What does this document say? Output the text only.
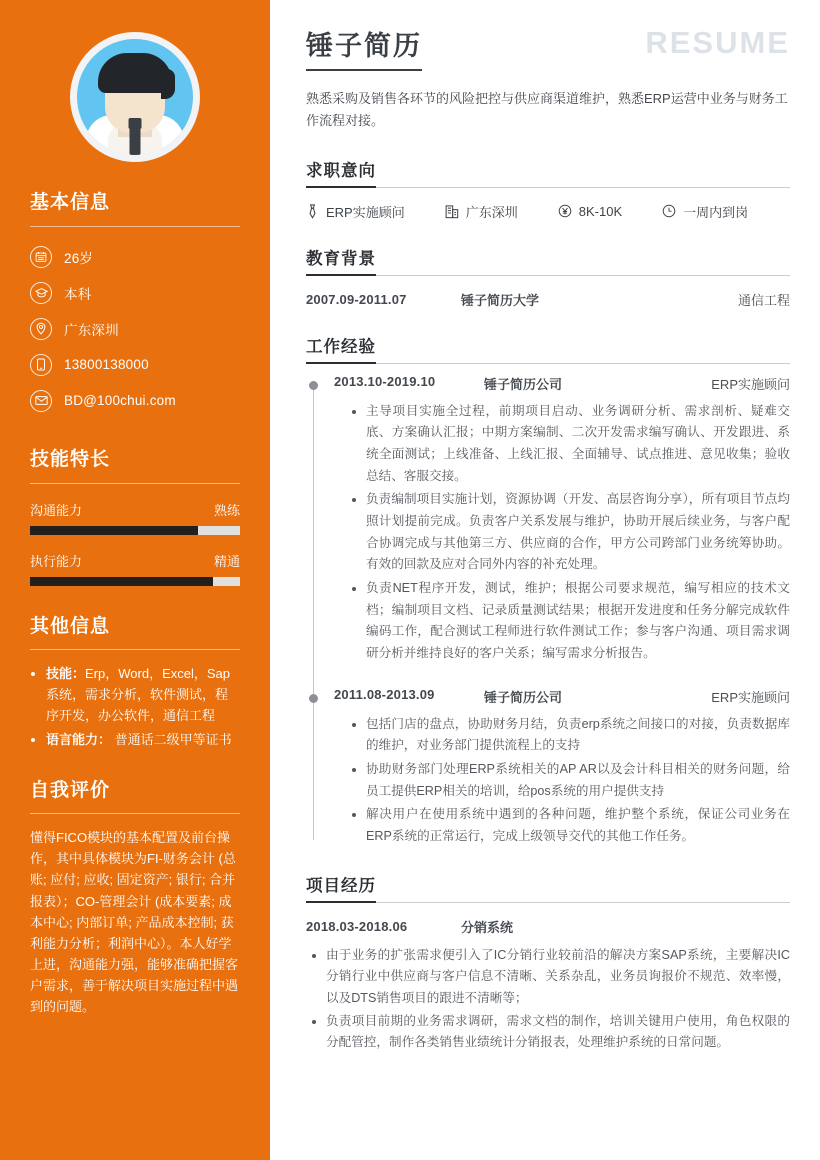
基本信息
26岁
本科
广东深圳
13800138000
BD@100chui.com
技能特长
沟通能力	熟练
执行能力	精通
其他信息
• 技能：Erp，Word，Excel，Sap系统，需求分析，软件测试，程序开发，办公软件，通信工程
• 语言能力： 普通话二级甲等证书
自我评价

懂得FICO模块的基本配置及前台操作，其中具体模块为FI-财务会计 (总账; 应付; 应收; 固定资产; 银行; 合并报表）；CO-管理会计 (成本要素; 成本中心; 内部订单; 产品成本控制; 获利能力分析；利润中心）。本人好学上进，沟通能力强，能够准确把握客户需求，善于解决项目实施过程中遇到的问题。

锤子简历	RESUME

熟悉采购及销售各环节的风险把控与供应商渠道维护，熟悉ERP运营中业务与财务工作流程对接。

求职意向
ERP实施顾问	广东深圳	8K-10K	一周内到岗
教育背景
2007.09-2011.07	锤子简历大学	通信工程
工作经验
2013.10-2019.10	锤子简历公司	ERP实施顾问
• 主导项目实施全过程，前期项目启动、业务调研分析、需求剖析、疑难交底、方案确认汇报；中期方案编制、二次开发需求编写确认、开发跟进、系统全面测试；上线准备、上线汇报、全面辅导、试点推进、意见收集；验收总结、客服交接。
• 负责编制项目实施计划，资源协调（开发、高层咨询分享），所有项目节点均照计划提前完成。负责客户关系发展与维护，协助开展后续业务，与客户配合协调完成与其他第三方、供应商的合作，甲方公司跨部门业务统筹协助。有效的回款及应对合同外内容的补充处理。
• 负责NET程序开发，测试，维护；根据公司要求规范，编写相应的技术文档；编制项目文档、记录质量测试结果；根据开发进度和任务分解完成软件编码工作，配合测试工程师进行软件测试工作；参与客户沟通、项目需求调研分析并维持良好的客户关系；编写需求分析报告。
2011.08-2013.09	锤子简历公司	ERP实施顾问
• 包括门店的盘点，协助财务月结，负责erp系统之间接口的对接，负责数据库的维护，对业务部门提供流程上的支持
• 协助财务部门处理ERP系统相关的AP AR以及会计科目相关的财务问题，给员工提供ERP相关的培训，给pos系统的用户提供支持
• 解决用户在使用系统中遇到的各种问题，维护整个系统，保证公司业务在ERP系统的正常运行，完成上级领导交代的其他工作任务。
项目经历
2018.03-2018.06	分销系统
• 由于业务的扩张需求便引入了IC分销行业较前沿的解决方案SAP系统，主要解决IC分销行业中供应商与客户信息不清晰、关系杂乱，业务员询报价不规范、效率慢，以及DTS销售项目的跟进不清晰等；
• 负责项目前期的业务需求调研，需求文档的制作，培训关键用户使用，角色权限的分配管控，制作各类销售业绩统计分销报表，处理维护系统的日常问题。
